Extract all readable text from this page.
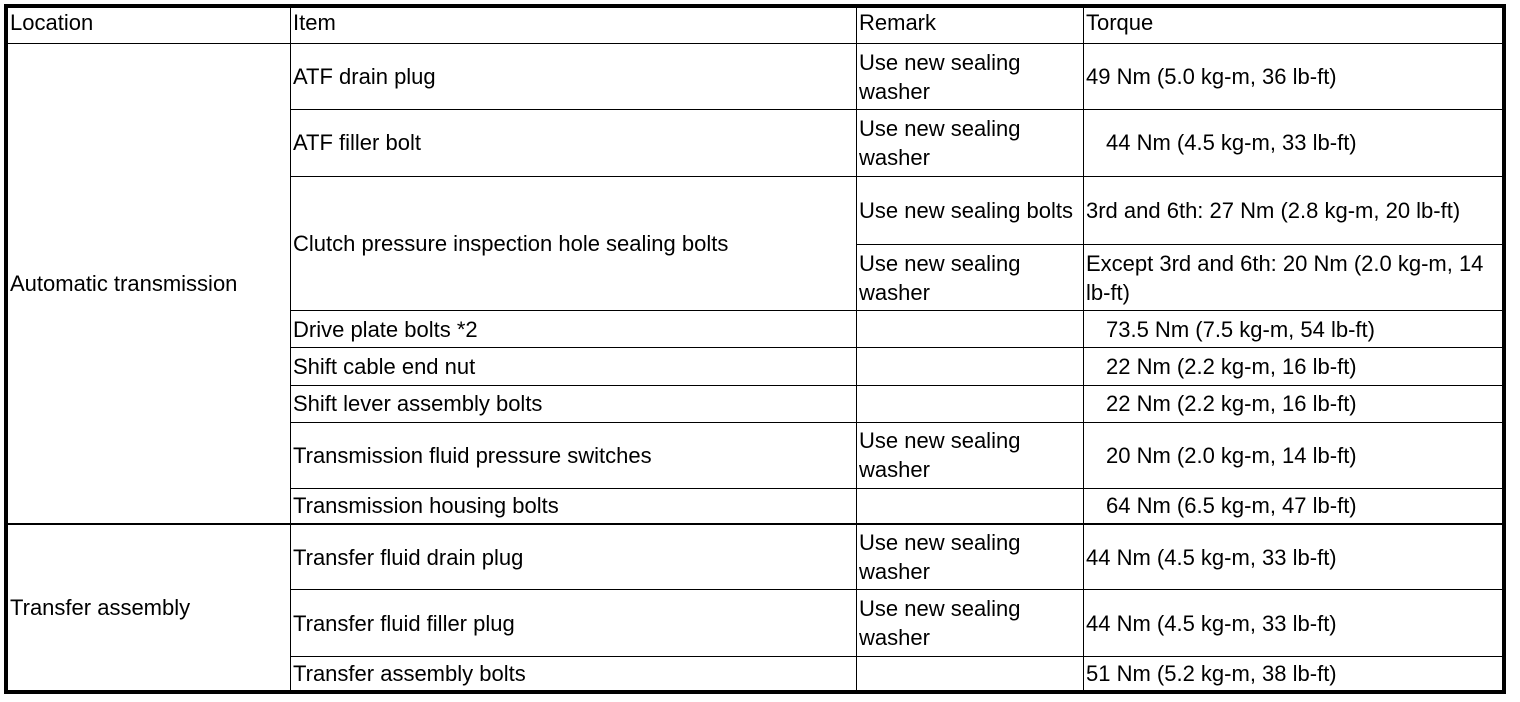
Location	Item	Remark	Torque
Automatic transmission	ATF drain plug	Use new sealing washer	49 Nm (5.0 kg-m, 36 lb-ft)
	ATF filler bolt	Use new sealing washer	44 Nm (4.5 kg-m, 33 lb-ft)
	Clutch pressure inspection hole sealing bolts	Use new sealing bolts	3rd and 6th: 27 Nm (2.8 kg-m, 20 lb-ft)
		Use new sealing washer	Except 3rd and 6th: 20 Nm (2.0 kg-m, 14 lb-ft)
	Drive plate bolts *2		73.5 Nm (7.5 kg-m, 54 lb-ft)
	Shift cable end nut		22 Nm (2.2 kg-m, 16 lb-ft)
	Shift lever assembly bolts		22 Nm (2.2 kg-m, 16 lb-ft)
	Transmission fluid pressure switches	Use new sealing washer	20 Nm (2.0 kg-m, 14 lb-ft)
	Transmission housing bolts		64 Nm (6.5 kg-m, 47 lb-ft)
Transfer assembly	Transfer fluid drain plug	Use new sealing washer	44 Nm (4.5 kg-m, 33 lb-ft)
	Transfer fluid filler plug	Use new sealing washer	44 Nm (4.5 kg-m, 33 lb-ft)
	Transfer assembly bolts		51 Nm (5.2 kg-m, 38 lb-ft)
